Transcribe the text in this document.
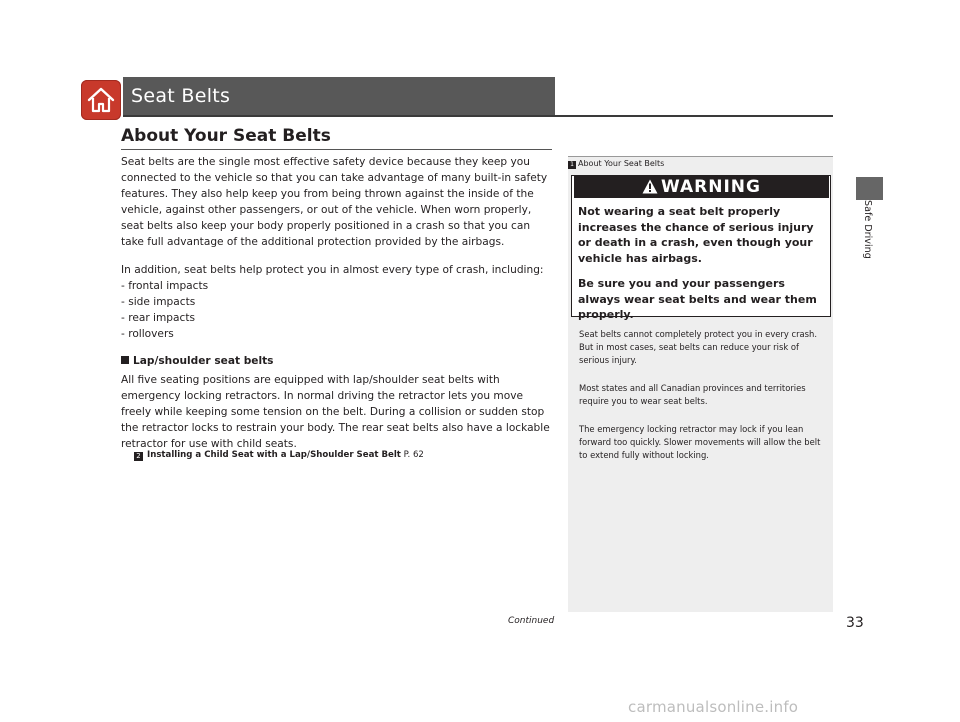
Seat Belts
About Your Seat Belts
Seat belts are the single most effective safety device because they keep you connected to the vehicle so that you can take advantage of many built-in safety features. They also help keep you from being thrown against the inside of the vehicle, against other passengers, or out of the vehicle. When worn properly, seat belts also keep your body properly positioned in a crash so that you can take full advantage of the additional protection provided by the airbags.
In addition, seat belts help protect you in almost every type of crash, including:
- frontal impacts
- side impacts
- rear impacts
- rollovers
Lap/shoulder seat belts
All five seating positions are equipped with lap/shoulder seat belts with emergency locking retractors. In normal driving the retractor lets you move freely while keeping some tension on the belt. During a collision or sudden stop the retractor locks to restrain your body. The rear seat belts also have a lockable retractor for use with child seats.
2 Installing a Child Seat with a Lap/Shoulder Seat Belt P. 62
1 About Your Seat Belts
WARNING
Not wearing a seat belt properly increases the chance of serious injury or death in a crash, even though your vehicle has airbags.
Be sure you and your passengers always wear seat belts and wear them properly.
Seat belts cannot completely protect you in every crash. But in most cases, seat belts can reduce your risk of serious injury.
Most states and all Canadian provinces and territories require you to wear seat belts.
The emergency locking retractor may lock if you lean forward too quickly. Slower movements will allow the belt to extend fully without locking.
Safe Driving
Continued	33
carmanualsonline.info
